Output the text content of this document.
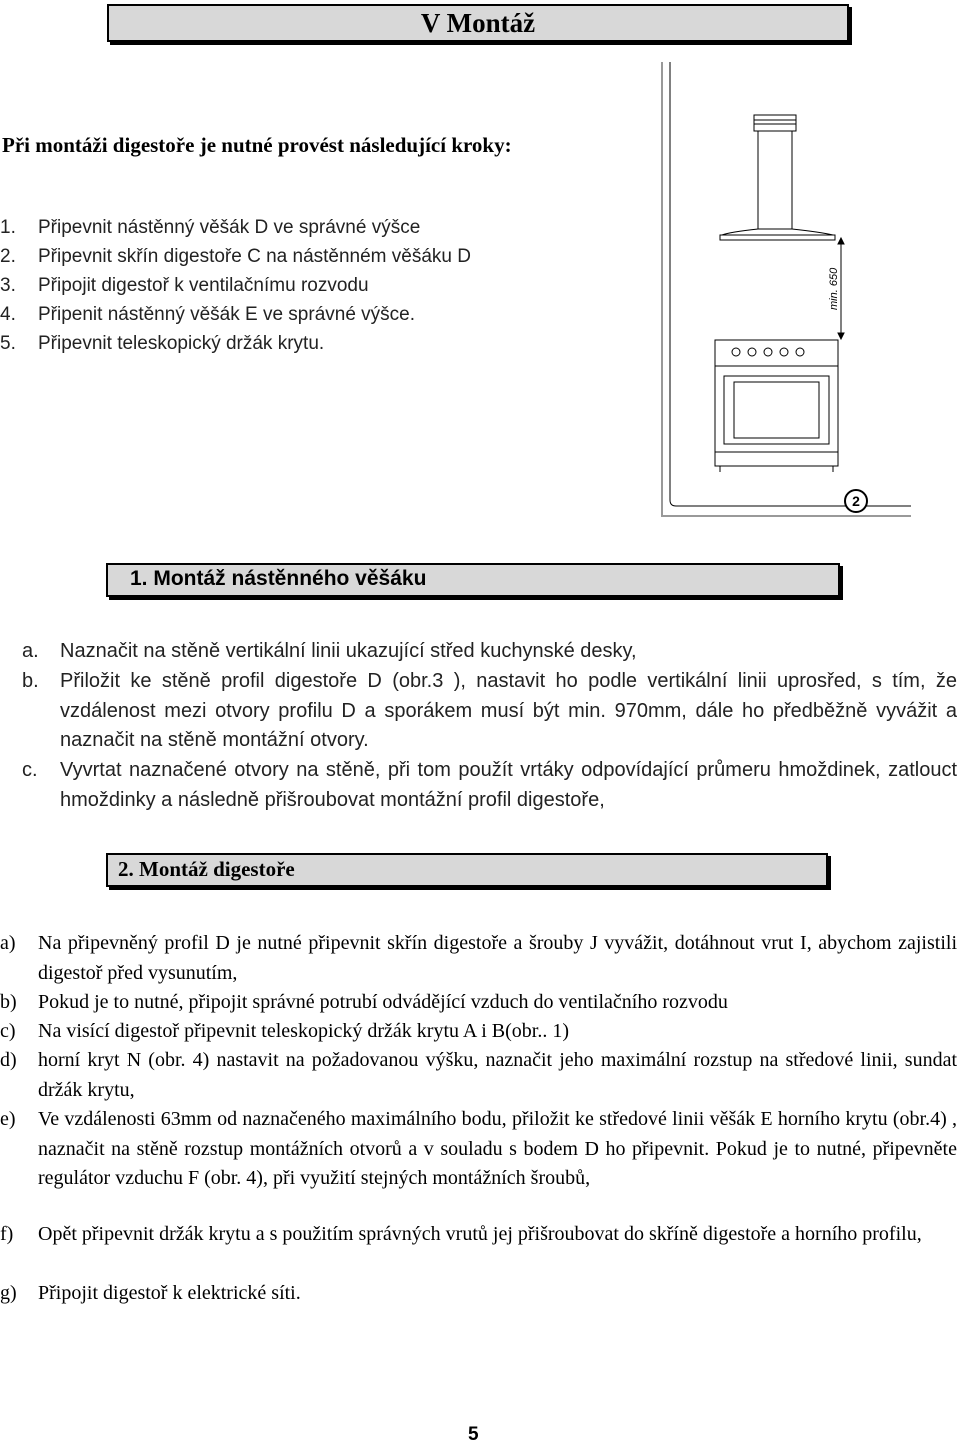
V Montáž
Při montáži digestoře je nutné provést následující kroky:
1. Připevnit nástěnný věšák D ve správné výšce
2. Připevnit skřín digestoře C na nástěnném věšáku D
3. Připojit digestoř k ventilačnímu rozvodu
4. Připenit nástěnný věšák E ve správné výšce.
5. Připevnit teleskopický držák krytu.
min. 650
2
1. Montáž nástěnného věšáku
a. Naznačit na stěně vertikální linii ukazující střed kuchynské desky,
b. Přiložit ke stěně profil digestoře D (obr.3 ), nastavit ho podle vertikální linii uprosřed, s tím, že vzdálenost mezi otvory profilu D a sporákem musí být min. 970mm, dále ho předběžně vyvážit a naznačit na stěně montážní otvory.
c. Vyvrtat naznačené otvory na stěně, při tom použít vrtáky odpovídající průmeru hmoždinek, zatlouct hmoždinky a následně přišroubovat montážní profil digestoře,
2. Montáž digestoře
a) Na připevněný profil D je nutné připevnit skřín digestoře a šrouby J vyvážit, dotáhnout vrut I, abychom zajistili digestoř před vysunutím,
b) Pokud je to nutné, připojit správné potrubí odvádějící vzduch do ventilačního rozvodu
c) Na visící digestoř připevnit teleskopický držák krytu A i B(obr.. 1)
d) horní kryt N (obr. 4) nastavit na požadovanou výšku, naznačit jeho maximální rozstup na středové linii, sundat držák krytu,
e) Ve vzdálenosti 63mm od naznačeného maximálního bodu, přiložit ke středové linii věšák E horního krytu (obr.4) , naznačit na stěně rozstup montážních otvorů a v souladu s bodem D ho připevnit. Pokud je to nutné, připevněte regulátor vzduchu F (obr. 4), při využití stejných montážních šroubů,
f) Opět připevnit držák krytu a s použitím správných vrutů jej přišroubovat do skříně digestoře a horního profilu,
g) Připojit digestoř k elektrické síti.
5
